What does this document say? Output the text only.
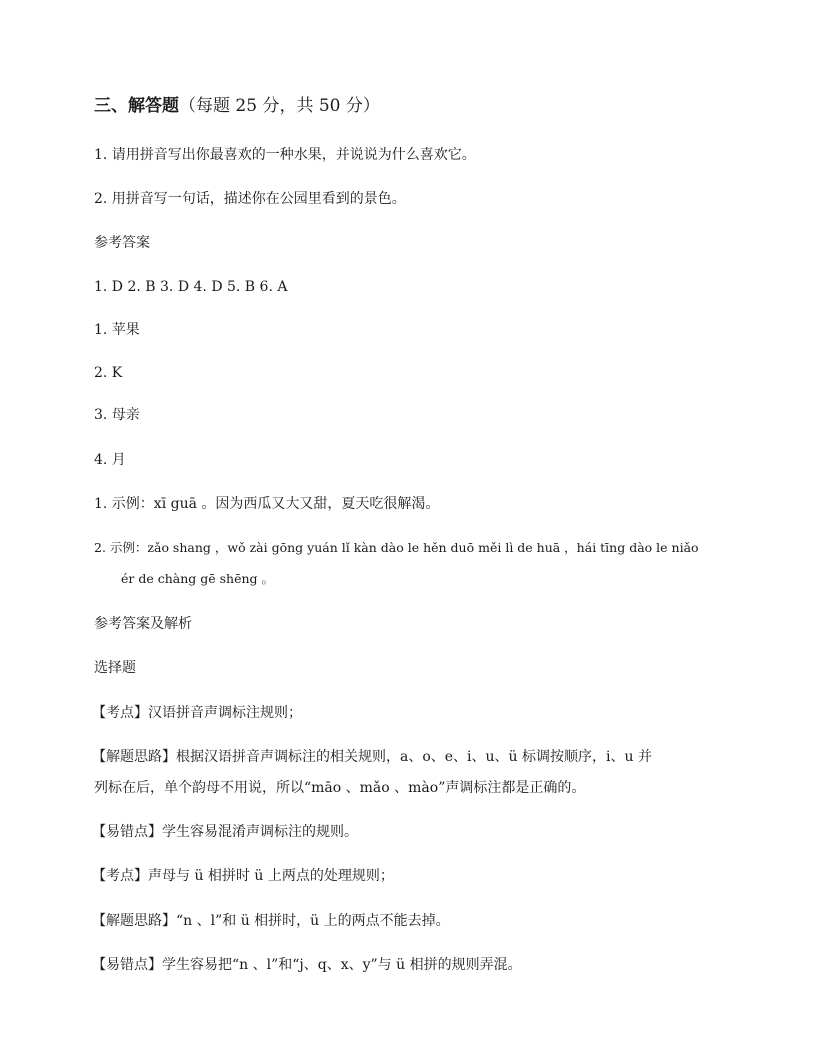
三、解答题（每题 25 分，共 50 分）
1. 请用拼音写出你最喜欢的一种水果，并说说为什么喜欢它。
2. 用拼音写一句话，描述你在公园里看到的景色。
参考答案
1. D 2. B 3. D 4. D 5. B 6. A
1. 苹果
2. K
3. 母亲
4. 月
1. 示例：xī guā 。因为西瓜又大又甜，夏天吃很解渴。
2. 示例：zǎo shang ，wǒ zài gōng yuán lǐ kàn dào le hěn duō měi lì de huā ，hái tīng dào le niǎo
ér de chàng gē shēng 。
参考答案及解析
选择题
【考点】汉语拼音声调标注规则；
【解题思路】根据汉语拼音声调标注的相关规则，a、o、e、i、u、ü 标调按顺序，i、u 并
列标在后，单个韵母不用说，所以“māo 、mǎo 、mào”声调标注都是正确的。
【易错点】学生容易混淆声调标注的规则。
【考点】声母与 ü 相拼时 ü 上两点的处理规则；
【解题思路】“n 、l”和 ü 相拼时，ü 上的两点不能去掉。
【易错点】学生容易把“n 、l”和“j、q、x、y”与 ü 相拼的规则弄混。
